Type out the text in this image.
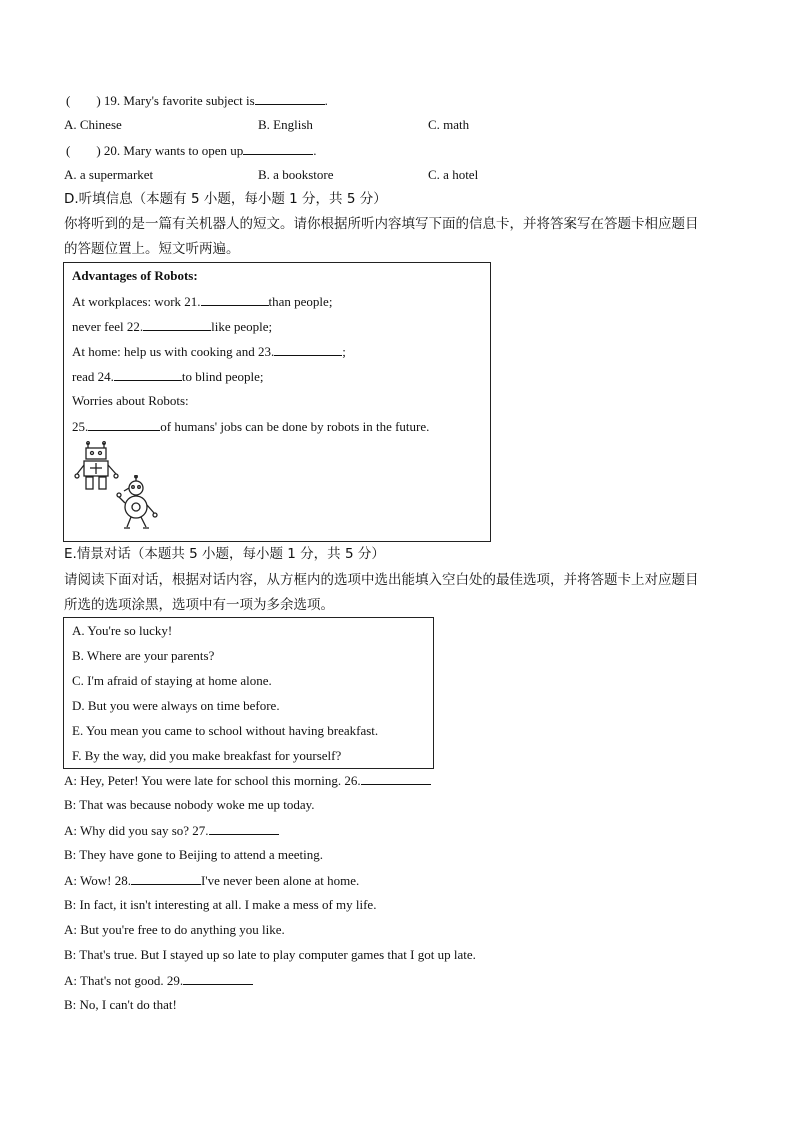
(　　) 19. Mary's favorite subject is	.
A. Chinese	B. English	C. math
(　　) 20. Mary wants to open up	.
A. a supermarket	B. a bookstore	C. a hotel
D.听填信息（本题有 5 小题，每小题 1 分，共 5 分）
你将听到的是一篇有关机器人的短文。请你根据所听内容填写下面的信息卡，并将答案写在答题卡相应题目
的答题位置上。短文听两遍。
Advantages of Robots:
At workplaces: work 21.	than people;
never feel 22.	like people;
At home: help us with cooking and 23.	;
read 24.	to blind people;
Worries about Robots:
25.	of humans' jobs can be done by robots in the future.
E.情景对话（本题共 5 小题，每小题 1 分，共 5 分）
请阅读下面对话，根据对话内容，从方框内的选项中选出能填入空白处的最佳选项，并将答题卡上对应题目
所选的选项涂黑，选项中有一项为多余选项。
A. You're so lucky!
B. Where are your parents?
C. I'm afraid of staying at home alone.
D. But you were always on time before.
E. You mean you came to school without having breakfast.
F. By the way, did you make breakfast for yourself?
A: Hey, Peter! You were late for school this morning. 26.
B: That was because nobody woke me up today.
A: Why did you say so? 27.
B: They have gone to Beijing to attend a meeting.
A: Wow! 28.	I've never been alone at home.
B: In fact, it isn't interesting at all. I make a mess of my life.
A: But you're free to do anything you like.
B: That's true. But I stayed up so late to play computer games that I got up late.
A: That's not good. 29.
B: No, I can't do that!
